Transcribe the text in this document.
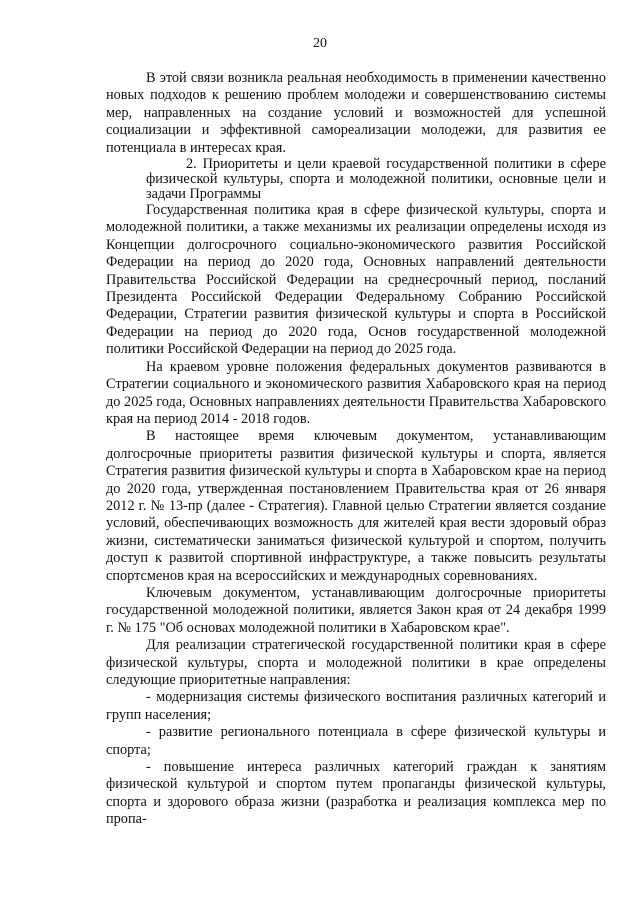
20

В этой связи возникла реальная необходимость в применении качественно новых подходов к решению проблем молодежи и совершенствованию системы мер, направленных на создание условий и возможностей для успешной социализации и эффективной самореализации молодежи, для развития ее потенциала в интересах края.

2. Приоритеты и цели краевой государственной политики в сфере физической культуры, спорта и молодежной политики, основные цели и задачи Программы

Государственная политика края в сфере физической культуры, спорта и молодежной политики, а также механизмы их реализации определены исходя из Концепции долгосрочного социально-экономического развития Российской Федерации на период до 2020 года, Основных направлений деятельности Правительства Российской Федерации на среднесрочный период, посланий Президента Российской Федерации Федеральному Собранию Российской Федерации, Стратегии развития физической культуры и спорта в Российской Федерации на период до 2020 года, Основ государственной молодежной политики Российской Федерации на период до 2025 года.

На краевом уровне положения федеральных документов развиваются в Стратегии социального и экономического развития Хабаровского края на период до 2025 года, Основных направлениях деятельности Правительства Хабаровского края на период 2014 - 2018 годов.

В настоящее время ключевым документом, устанавливающим долгосрочные приоритеты развития физической культуры и спорта, является Стратегия развития физической культуры и спорта в Хабаровском крае на период до 2020 года, утвержденная постановлением Правительства края от 26 января 2012 г. № 13-пр (далее - Стратегия). Главной целью Стратегии является создание условий, обеспечивающих возможность для жителей края вести здоровый образ жизни, систематически заниматься физической культурой и спортом, получить доступ к развитой спортивной инфраструктуре, а также повысить результаты спортсменов края на всероссийских и международных соревнованиях.

Ключевым документом, устанавливающим долгосрочные приоритеты государственной молодежной политики, является Закон края от 24 декабря 1999 г. № 175 "Об основах молодежной политики в Хабаровском крае".

Для реализации стратегической государственной политики края в сфере физической культуры, спорта и молодежной политики в крае определены следующие приоритетные направления:

- модернизация системы физического воспитания различных категорий и групп населения;

- развитие регионального потенциала в сфере физической культуры и спорта;

- повышение интереса различных категорий граждан к занятиям физической культурой и спортом путем пропаганды физической культуры, спорта и здорового образа жизни (разработка и реализация комплекса мер по пропа-
